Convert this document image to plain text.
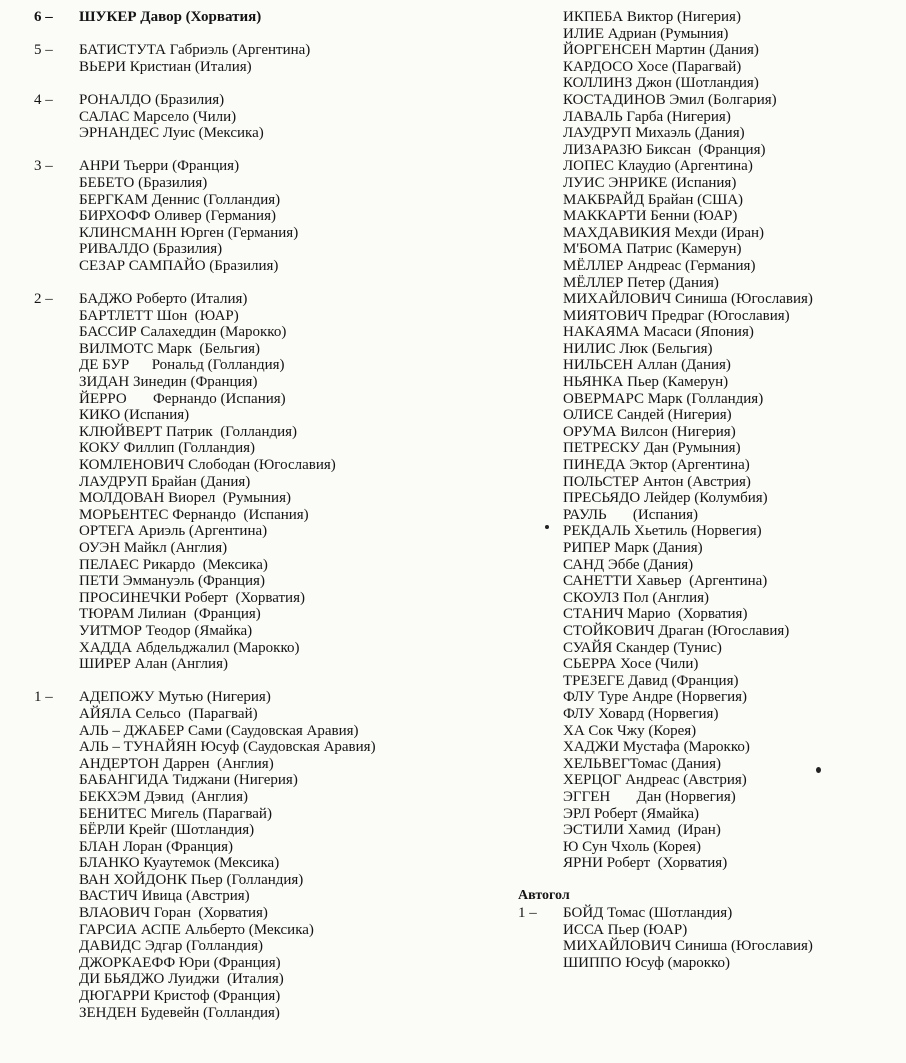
6 –	ШУКЕР Давор (Хорватия)
5 –	БАТИСТУТА Габриэль (Аргентина)
ВЬЕРИ Кристиан (Италия)
4 –	РОНАЛДО (Бразилия)
САЛАС Марсело (Чили)
ЭРНАНДЕС Луис (Мексика)
3 –	АНРИ Тьерри (Франция)
БЕБЕТО (Бразилия)
БЕРГКАМ Деннис (Голландия)
БИРХОФФ Оливер (Германия)
КЛИНСМАНН Юрген (Германия)
РИВАЛДО (Бразилия)
СЕЗАР САМПАЙО (Бразилия)
2 –	БАДЖО Роберто (Италия)
БАРТЛЕТТ Шон  (ЮАР)
БАССИР Салахеддин (Марокко)
ВИЛМОТС Марк  (Бельгия)
ДЕ БУР      Рональд (Голландия)
ЗИДАН Зинедин (Франция)
ЙЕРРО       Фернандо (Испания)
КИКО (Испания)
КЛЮЙВЕРТ Патрик  (Голландия)
КОКУ Филлип (Голландия)
КОМЛЕНОВИЧ Слободан (Югославия)
ЛАУДРУП Брайан (Дания)
МОЛДОВАН Виорел  (Румыния)
МОРЬЕНТЕС Фернандо  (Испания)
ОРТЕГА Ариэль (Аргентина)
ОУЭН Майкл (Англия)
ПЕЛАЕС Рикардо  (Мексика)
ПЕТИ Эммануэль (Франция)
ПРОСИНЕЧКИ Роберт  (Хорватия)
ТЮРАМ Лилиан  (Франция)
УИТМОР Теодор (Ямайка)
ХАДДА Абдельджалил (Марокко)
ШИРЕР Алан (Англия)
1 –	АДЕПОЖУ Мутью (Нигерия)
АЙЯЛА Сельсо  (Парагвай)
АЛЬ – ДЖАБЕР Сами (Саудовская Аравия)
АЛЬ – ТУНАЙЯН Юсуф (Саудовская Аравия)
АНДЕРТОН Даррен  (Англия)
БАБАНГИДА Тиджани (Нигерия)
БЕКХЭМ Дэвид  (Англия)
БЕНИТЕС Мигель (Парагвай)
БЁРЛИ Крейг (Шотландия)
БЛАН Лоран (Франция)
БЛАНКО Куаутемок (Мексика)
ВАН ХОЙДОНК Пьер (Голландия)
ВАСТИЧ Ивица (Австрия)
ВЛАОВИЧ Горан  (Хорватия)
ГАРСИА АСПЕ Альберто (Мексика)
ДАВИДС Эдгар (Голландия)
ДЖОРКАЕФФ Юри (Франция)
ДИ БЬЯДЖО Луиджи  (Италия)
ДЮГАРРИ Кристоф (Франция)
ЗЕНДЕН Будевейн (Голландия)
ИКПЕБА Виктор (Нигерия)
ИЛИЕ Адриан (Румыния)
ЙОРГЕНСЕН Мартин (Дания)
КАРДОСО Хосе (Парагвай)
КОЛЛИНЗ Джон (Шотландия)
КОСТАДИНОВ Эмил (Болгария)
ЛАВАЛЬ Гарба (Нигерия)
ЛАУДРУП Михаэль (Дания)
ЛИЗАРАЗЮ Биксан  (Франция)
ЛОПЕС Клаудио (Аргентина)
ЛУИС ЭНРИКЕ (Испания)
МАКБРАЙД Брайан (США)
МАККАРТИ Бенни (ЮАР)
МАХДАВИКИЯ Мехди (Иран)
М'БОМА Патрис (Камерун)
МЁЛЛЕР Андреас (Германия)
МЁЛЛЕР Петер (Дания)
МИХАЙЛОВИЧ Синиша (Югославия)
МИЯТОВИЧ Предраг (Югославия)
НАКАЯМА Масаси (Япония)
НИЛИС Люк (Бельгия)
НИЛЬСЕН Аллан (Дания)
НЬЯНКА Пьер (Камерун)
ОВЕРМАРС Марк (Голландия)
ОЛИСЕ Сандей (Нигерия)
ОРУМА Вилсон (Нигерия)
ПЕТРЕСКУ Дан (Румыния)
ПИНЕДА Эктор (Аргентина)
ПОЛЬСТЕР Антон (Австрия)
ПРЕСЬЯДО Лейдер (Колумбия)
РАУЛЬ       (Испания)
РЕКДАЛЬ Хьетиль (Норвегия)
РИПЕР Марк (Дания)
САНД Эббе (Дания)
САНЕТТИ Хавьер  (Аргентина)
СКОУЛЗ Пол (Англия)
СТАНИЧ Марио  (Хорватия)
СТОЙКОВИЧ Драган (Югославия)
СУАЙЯ Скандер (Тунис)
СЬЕРРА Хосе (Чили)
ТРЕЗЕГЕ Давид (Франция)
ФЛУ Туре Андре (Норвегия)
ФЛУ Ховард (Норвегия)
ХА Сок Чжу (Корея)
ХАДЖИ Мустафа (Марокко)
ХЕЛЬВЕГТомас (Дания)
ХЕРЦОГ Андреас (Австрия)
ЭГГЕН       Дан (Норвегия)
ЭРЛ Роберт (Ямайка)
ЭСТИЛИ Хамид  (Иран)
Ю Сун Чхоль (Корея)
ЯРНИ Роберт  (Хорватия)
Автогол
1 –	БОЙД Томас (Шотландия)
ИССА Пьер (ЮАР)
МИХАЙЛОВИЧ Синиша (Югославия)
ШИППО Юсуф (марокко)
